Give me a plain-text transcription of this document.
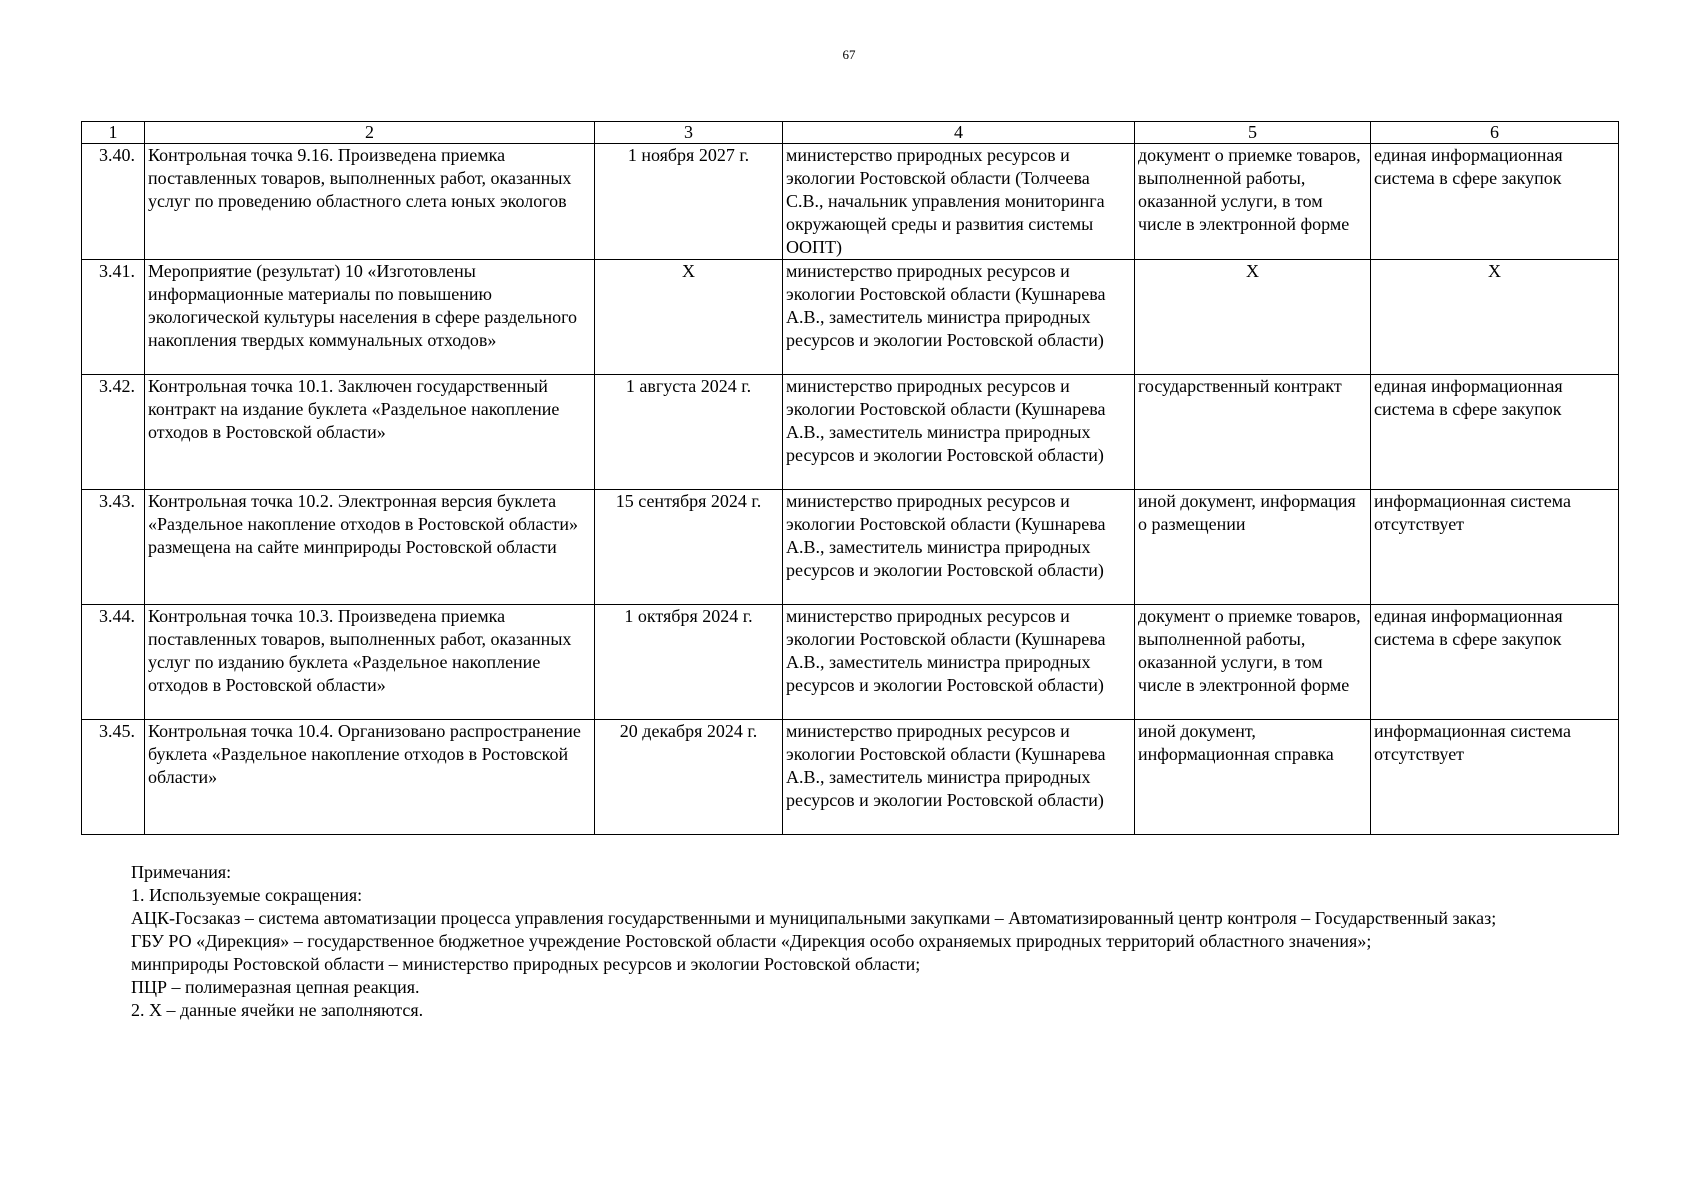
67
1	2	3	4	5	6
3.40.	Контрольная точка 9.16. Произведена приемка поставленных товаров, выполненных работ, оказанных услуг по проведению областного слета юных экологов	1 ноября 2027 г.	министерство природных ресурсов и экологии Ростовской области (Толчеева С.В., начальник управления мониторинга окружающей среды и развития системы ООПТ)	документ о приемке товаров, выполненной работы, оказанной услуги, в том числе в электронной форме	единая информационная система в сфере закупок
3.41.	Мероприятие (результат) 10 «Изготовлены информационные материалы по повышению экологической культуры населения в сфере раздельного накопления твердых коммунальных отходов»	X	министерство природных ресурсов и экологии Ростовской области (Кушнарева А.В., заместитель министра природных ресурсов и экологии Ростовской области)	X	X
3.42.	Контрольная точка 10.1. Заключен государственный контракт на издание буклета «Раздельное накопление отходов в Ростовской области»	1 августа 2024 г.	министерство природных ресурсов и экологии Ростовской области (Кушнарева А.В., заместитель министра природных ресурсов и экологии Ростовской области)	государственный контракт	единая информационная система в сфере закупок
3.43.	Контрольная точка 10.2. Электронная версия буклета «Раздельное накопление отходов в Ростовской области» размещена на сайте минприроды Ростовской области	15 сентября 2024 г.	министерство природных ресурсов и экологии Ростовской области (Кушнарева А.В., заместитель министра природных ресурсов и экологии Ростовской области)	иной документ, информация о размещении	информационная система отсутствует
3.44.	Контрольная точка 10.3. Произведена приемка поставленных товаров, выполненных работ, оказанных услуг по изданию буклета «Раздельное накопление отходов в Ростовской области»	1 октября 2024 г.	министерство природных ресурсов и экологии Ростовской области (Кушнарева А.В., заместитель министра природных ресурсов и экологии Ростовской области)	документ о приемке товаров, выполненной работы, оказанной услуги, в том числе в электронной форме	единая информационная система в сфере закупок
3.45.	Контрольная точка 10.4. Организовано распространение буклета «Раздельное накопление отходов в Ростовской области»	20 декабря 2024 г.	министерство природных ресурсов и экологии Ростовской области (Кушнарева А.В., заместитель министра природных ресурсов и экологии Ростовской области)	иной документ, информационная справка	информационная система отсутствует

Примечания:

1. Используемые сокращения:

АЦК-Госзаказ – система автоматизации процесса управления государственными и муниципальными закупками – Автоматизированный центр контроля – Государственный заказ;

ГБУ РО «Дирекция» – государственное бюджетное учреждение Ростовской области «Дирекция особо охраняемых природных территорий областного значения»;

минприроды Ростовской области – министерство природных ресурсов и экологии Ростовской области;

ПЦР – полимеразная цепная реакция.

2. X – данные ячейки не заполняются.
